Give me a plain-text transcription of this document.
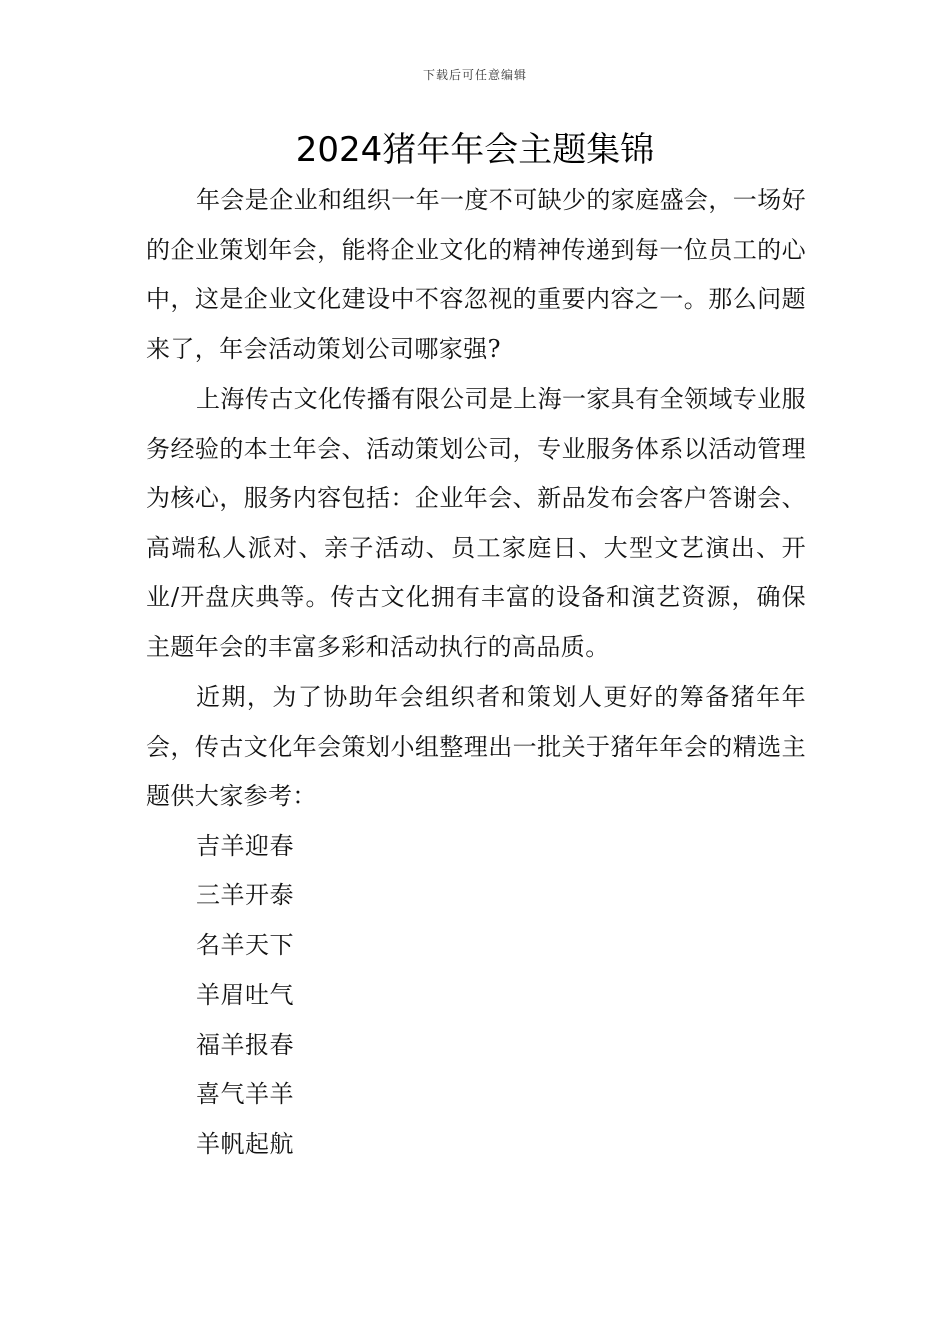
下载后可任意编辑
2024猪年年会主题集锦

年会是企业和组织一年一度不可缺少的家庭盛会，一场好的企业策划年会，能将企业文化的精神传递到每一位员工的心中，这是企业文化建设中不容忽视的重要内容之一。那么问题来了，年会活动策划公司哪家强?

上海传古文化传播有限公司是上海一家具有全领域专业服务经验的本土年会、活动策划公司，专业服务体系以活动管理为核心，服务内容包括：企业年会、新品发布会客户答谢会、高端私人派对、亲子活动、员工家庭日、大型文艺演出、开业/开盘庆典等。传古文化拥有丰富的设备和演艺资源，确保主题年会的丰富多彩和活动执行的高品质。

近期，为了协助年会组织者和策划人更好的筹备猪年年会，传古文化年会策划小组整理出一批关于猪年年会的精选主题供大家参考：

吉羊迎春
三羊开泰
名羊天下
羊眉吐气
福羊报春
喜气羊羊
羊帆起航
